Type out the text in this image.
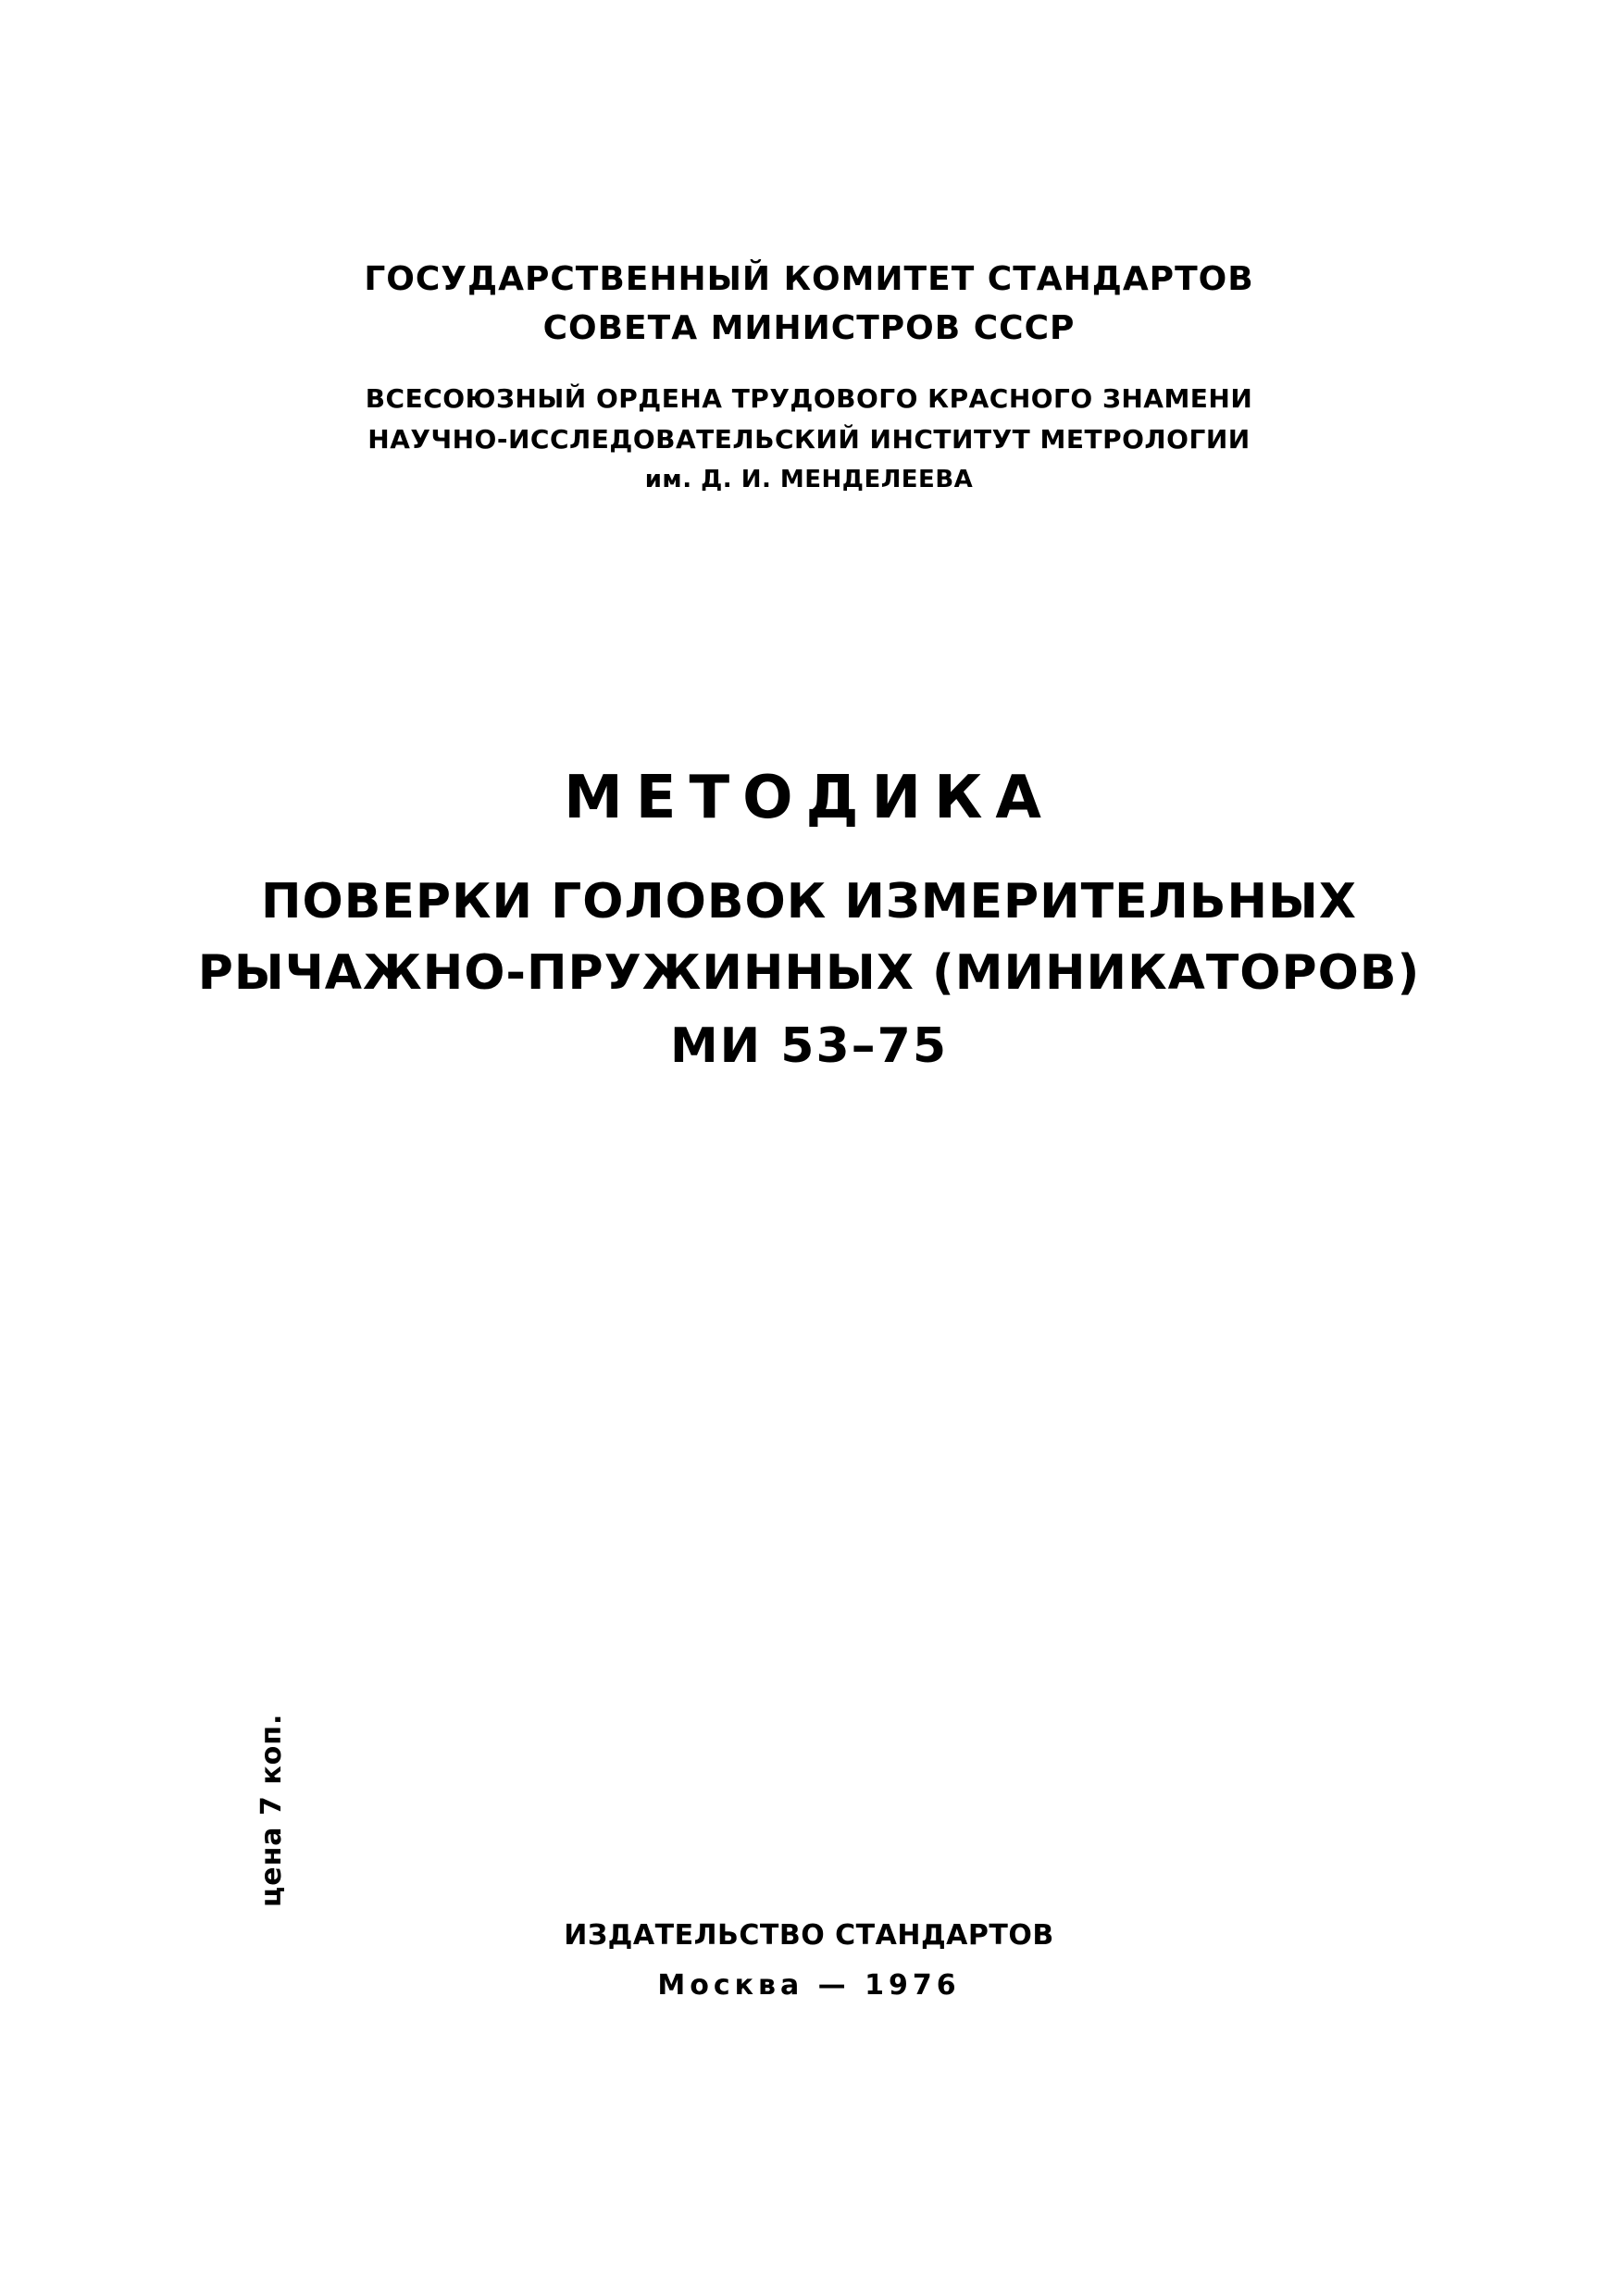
ГОСУДАРСТВЕННЫЙ КОМИТЕТ СТАНДАРТОВ
СОВЕТА МИНИСТРОВ СССР
ВСЕСОЮЗНЫЙ ОРДЕНА ТРУДОВОГО КРАСНОГО ЗНАМЕНИ
НАУЧНО-ИССЛЕДОВАТЕЛЬСКИЙ ИНСТИТУТ МЕТРОЛОГИИ
им. Д. И. МЕНДЕЛЕЕВА
МЕТОДИКА
ПОВЕРКИ ГОЛОВОК ИЗМЕРИТЕЛЬНЫХ
РЫЧАЖНО-ПРУЖИННЫХ (МИНИКАТОРОВ)
МИ 53–75
цена 7 коп.
ИЗДАТЕЛЬСТВО СТАНДАРТОВ
Москва — 1976
